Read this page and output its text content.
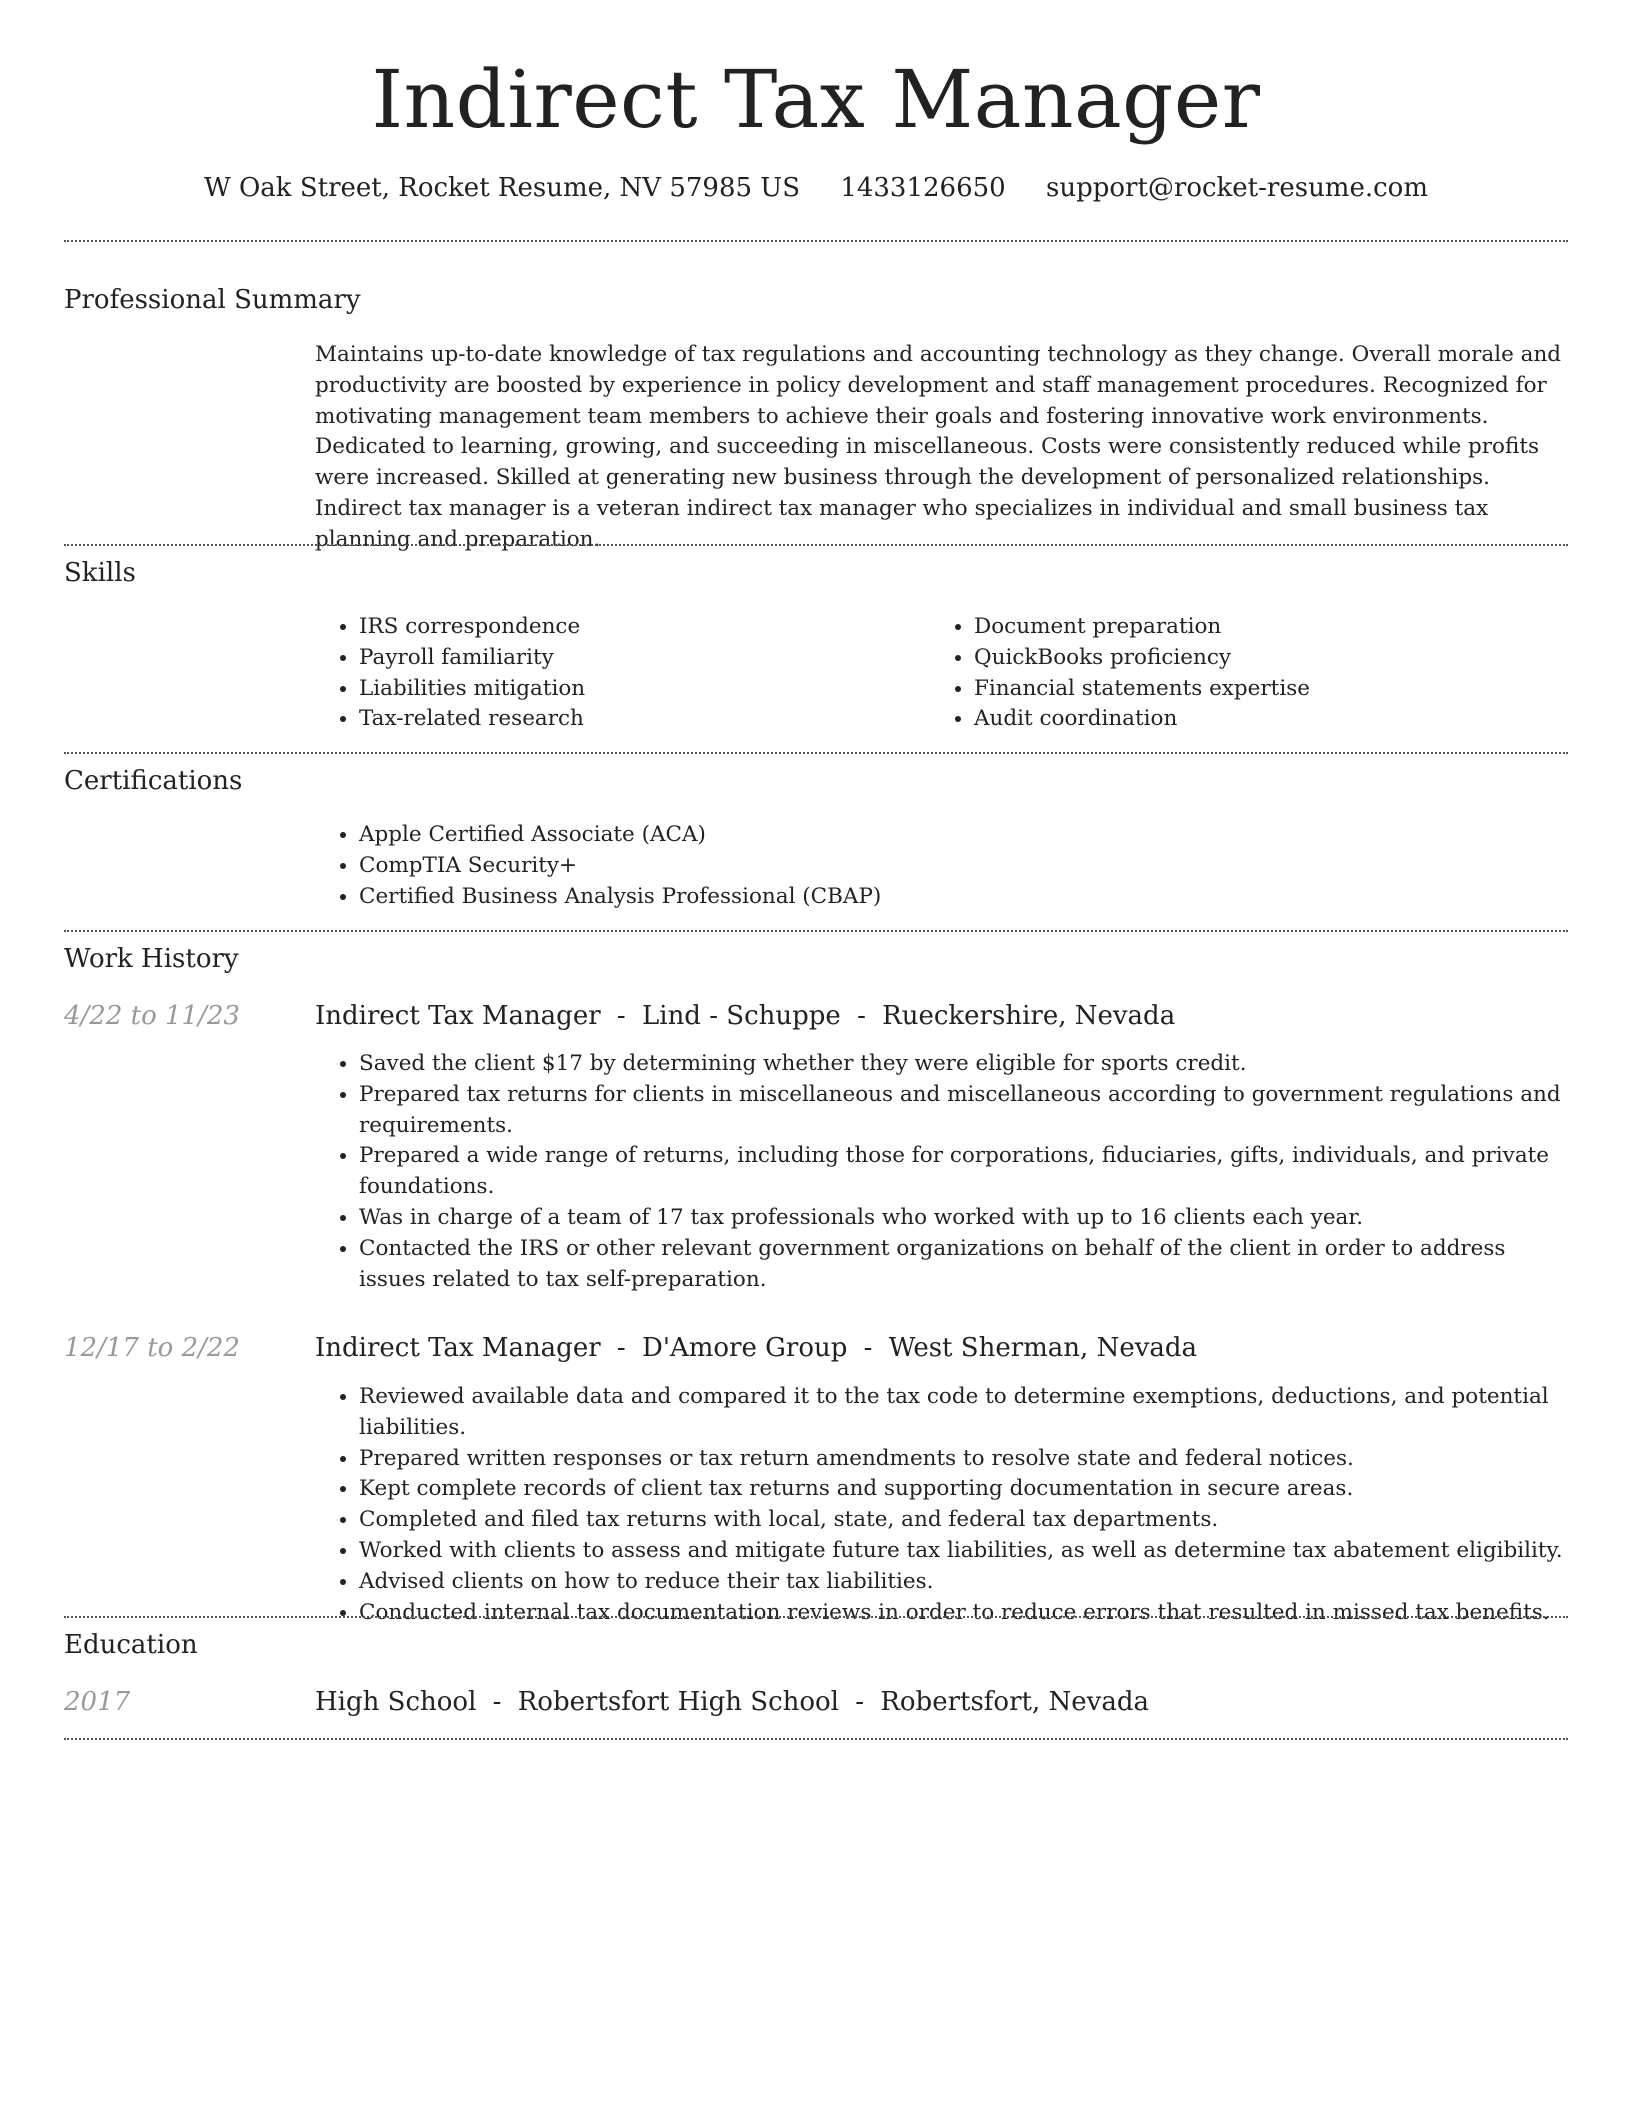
Indirect Tax Manager
W Oak Street, Rocket Resume, NV 57985 US 1433126650 support@rocket-resume.com
Professional Summary
Maintains up-to-date knowledge of tax regulations and accounting technology as they change. Overall morale and productivity are boosted by experience in policy development and staff management procedures. Recognized for motivating management team members to achieve their goals and fostering innovative work environments. Dedicated to learning, growing, and succeeding in miscellaneous. Costs were consistently reduced while profits were increased. Skilled at generating new business through the development of personalized relationships. Indirect tax manager is a veteran indirect tax manager who specializes in individual and small business tax planning and preparation.
Skills
• IRS correspondence
• Payroll familiarity
• Liabilities mitigation
• Tax-related research
• Document preparation
• QuickBooks proficiency
• Financial statements expertise
• Audit coordination
Certifications
• Apple Certified Associate (ACA)
• CompTIA Security+
• Certified Business Analysis Professional (CBAP)
Work History
4/22 to 11/23	Indirect Tax Manager - Lind - Schuppe - Rueckershire, Nevada
• Saved the client $17 by determining whether they were eligible for sports credit.
• Prepared tax returns for clients in miscellaneous and miscellaneous according to government regulations and requirements.
• Prepared a wide range of returns, including those for corporations, fiduciaries, gifts, individuals, and private foundations.
• Was in charge of a team of 17 tax professionals who worked with up to 16 clients each year.
• Contacted the IRS or other relevant government organizations on behalf of the client in order to address issues related to tax self-preparation.
12/17 to 2/22	Indirect Tax Manager - D'Amore Group - West Sherman, Nevada
• Reviewed available data and compared it to the tax code to determine exemptions, deductions, and potential liabilities.
• Prepared written responses or tax return amendments to resolve state and federal notices.
• Kept complete records of client tax returns and supporting documentation in secure areas.
• Completed and filed tax returns with local, state, and federal tax departments.
• Worked with clients to assess and mitigate future tax liabilities, as well as determine tax abatement eligibility.
• Advised clients on how to reduce their tax liabilities.
• Conducted internal tax documentation reviews in order to reduce errors that resulted in missed tax benefits.
Education
2017	High School - Robertsfort High School - Robertsfort, Nevada
